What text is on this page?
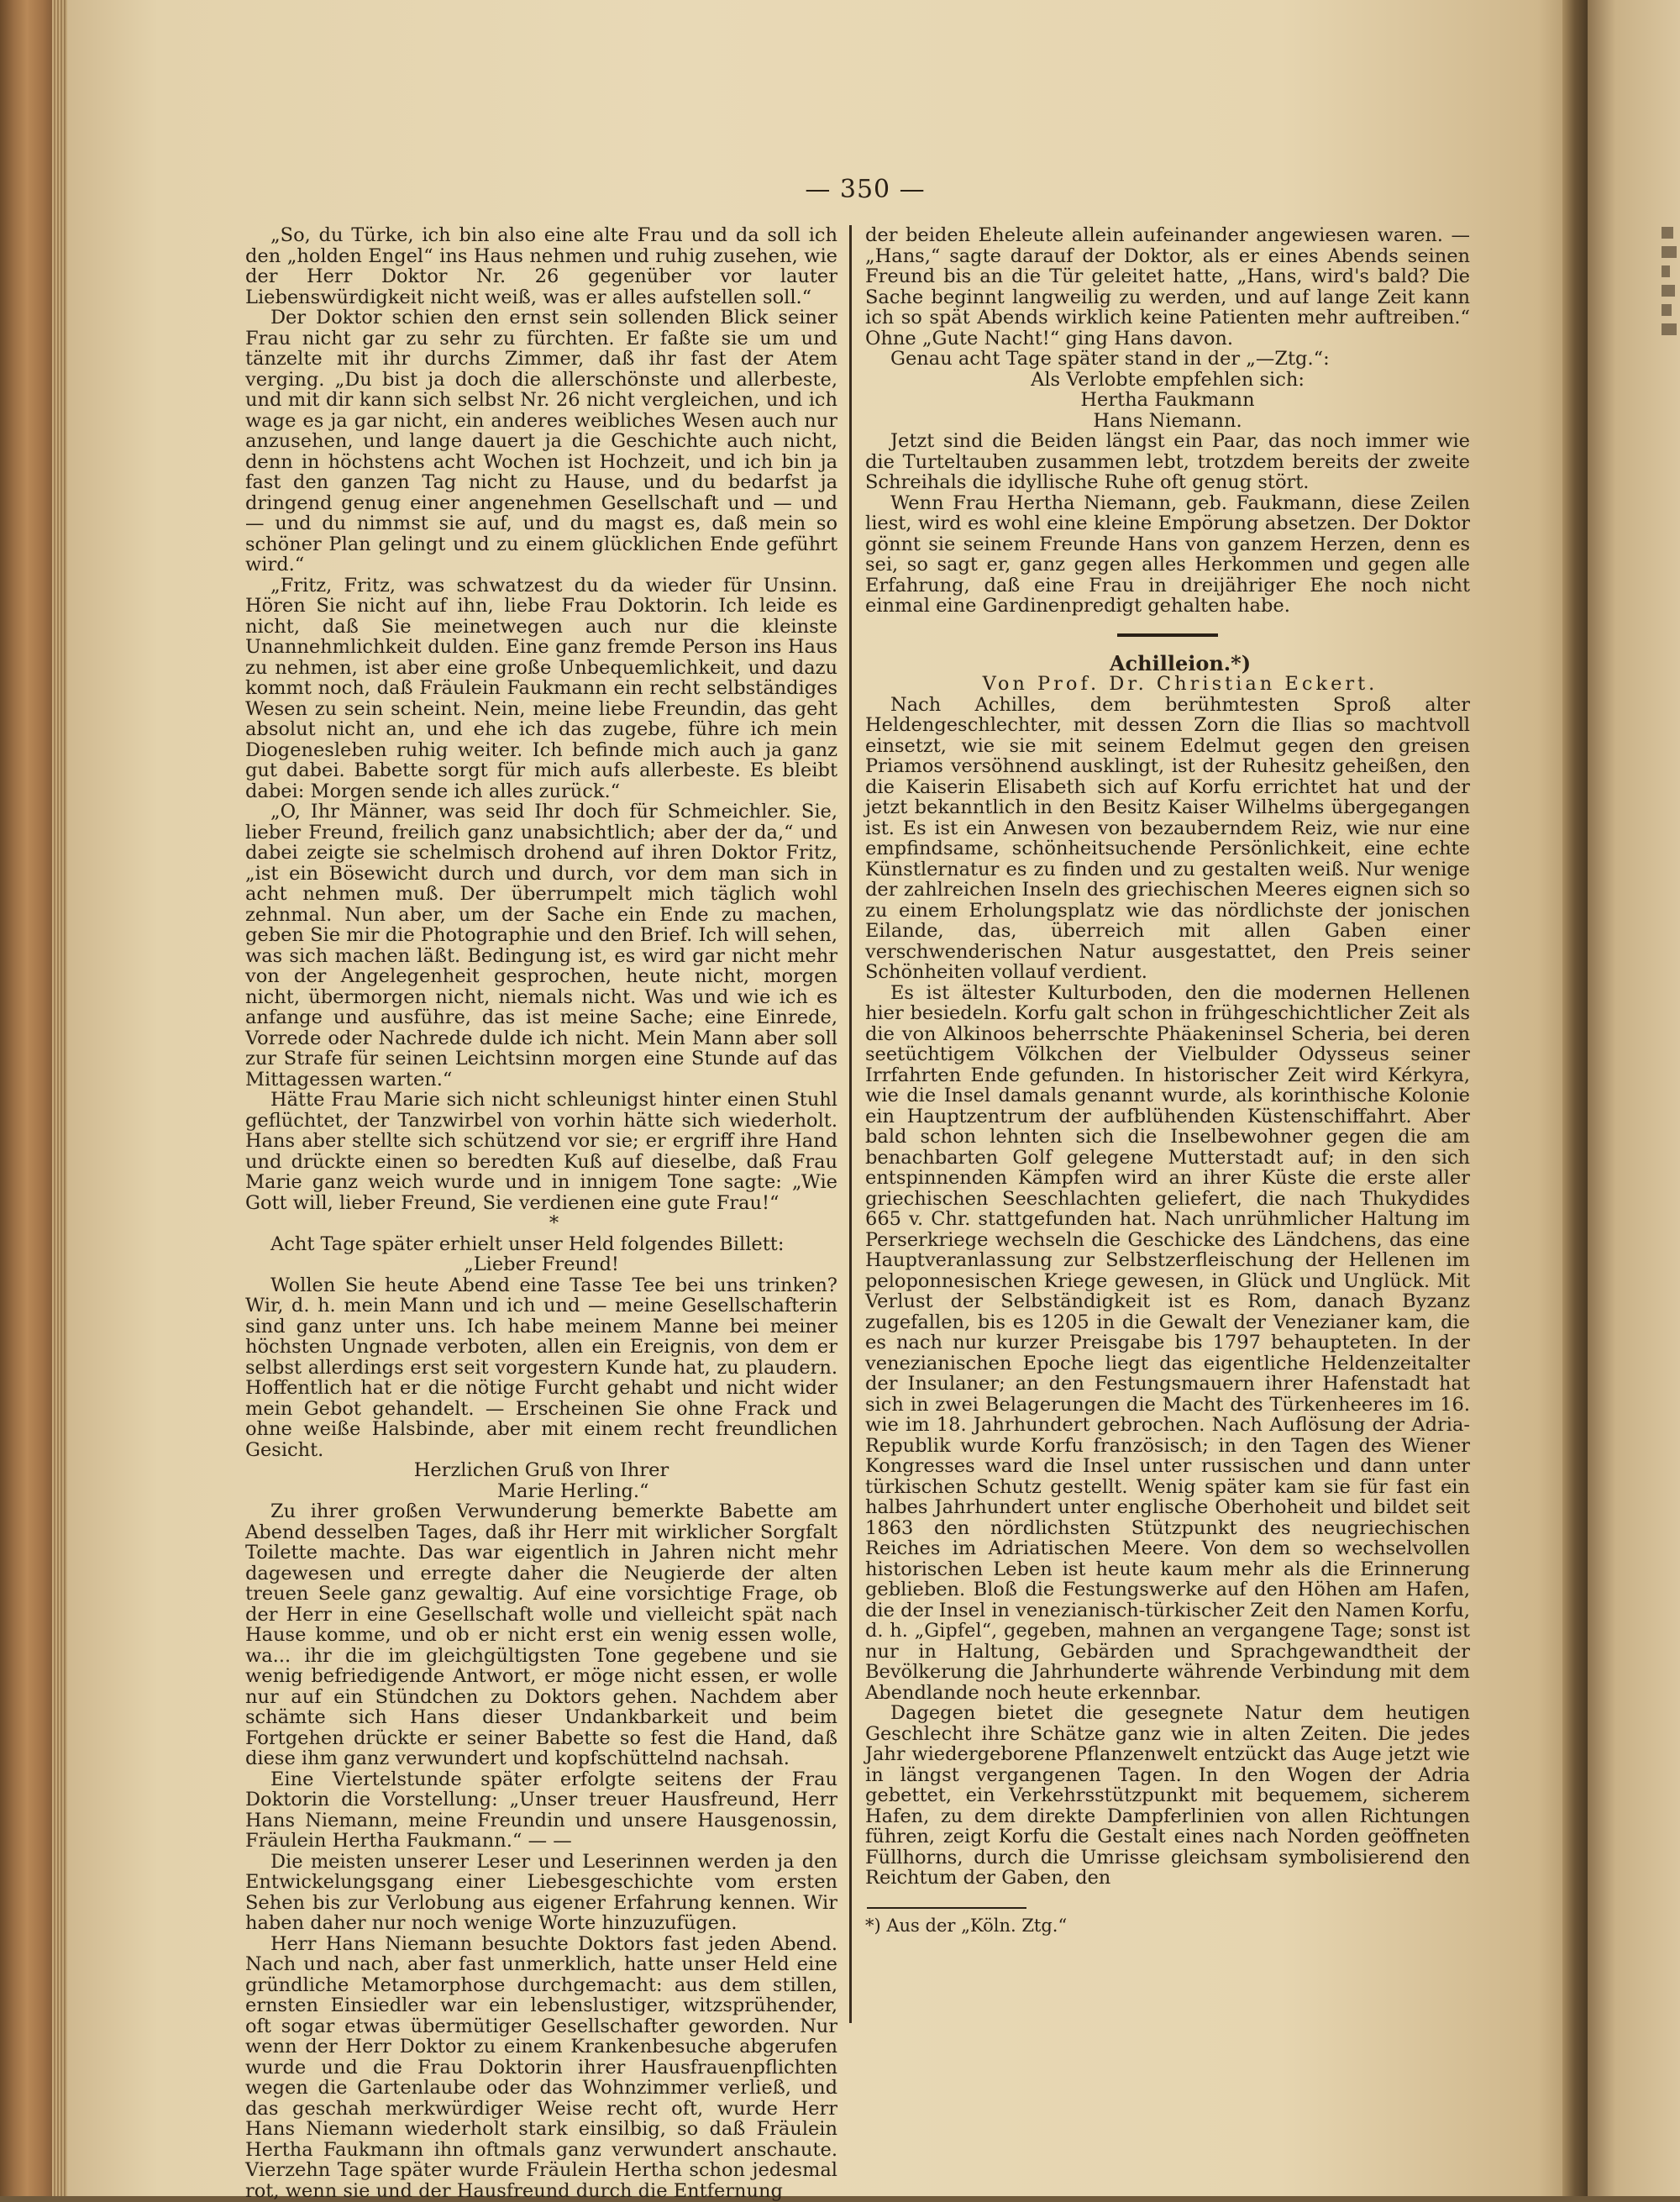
— 350 —

„So, du Türke, ich bin also eine alte Frau und da soll ich den „holden Engel“ ins Haus nehmen und ruhig zusehen, wie der Herr Doktor Nr. 26 gegenüber vor lauter Liebenswürdigkeit nicht weiß, was er alles aufstellen soll.“

Der Doktor schien den ernst sein sollenden Blick seiner Frau nicht gar zu sehr zu fürchten. Er faßte sie um und tänzelte mit ihr durchs Zimmer, daß ihr fast der Atem verging. „Du bist ja doch die allerschönste und allerbeste, und mit dir kann sich selbst Nr. 26 nicht vergleichen, und ich wage es ja gar nicht, ein anderes weibliches Wesen auch nur anzusehen, und lange dauert ja die Geschichte auch nicht, denn in höchstens acht Wochen ist Hochzeit, und ich bin ja fast den ganzen Tag nicht zu Hause, und du bedarfst ja dringend genug einer angenehmen Gesellschaft und — und — und du nimmst sie auf, und du magst es, daß mein so schöner Plan gelingt und zu einem glücklichen Ende geführt wird.“

„Fritz, Fritz, was schwatzest du da wieder für Unsinn. Hören Sie nicht auf ihn, liebe Frau Doktorin. Ich leide es nicht, daß Sie meinetwegen auch nur die kleinste Unannehmlichkeit dulden. Eine ganz fremde Person ins Haus zu nehmen, ist aber eine große Unbequemlichkeit, und dazu kommt noch, daß Fräulein Faukmann ein recht selbständiges Wesen zu sein scheint. Nein, meine liebe Freundin, das geht absolut nicht an, und ehe ich das zugebe, führe ich mein Diogenesleben ruhig weiter. Ich befinde mich auch ja ganz gut dabei. Babette sorgt für mich aufs allerbeste. Es bleibt dabei: Morgen sende ich alles zurück.“

„O, Ihr Männer, was seid Ihr doch für Schmeichler. Sie, lieber Freund, freilich ganz unabsichtlich; aber der da,“ und dabei zeigte sie schelmisch drohend auf ihren Doktor Fritz, „ist ein Bösewicht durch und durch, vor dem man sich in acht nehmen muß. Der überrumpelt mich täglich wohl zehnmal. Nun aber, um der Sache ein Ende zu machen, geben Sie mir die Photographie und den Brief. Ich will sehen, was sich machen läßt. Bedingung ist, es wird gar nicht mehr von der Angelegenheit gesprochen, heute nicht, morgen nicht, übermorgen nicht, niemals nicht. Was und wie ich es anfange und ausführe, das ist meine Sache; eine Einrede, Vorrede oder Nachrede dulde ich nicht. Mein Mann aber soll zur Strafe für seinen Leichtsinn morgen eine Stunde auf das Mittagessen warten.“

Hätte Frau Marie sich nicht schleunigst hinter einen Stuhl geflüchtet, der Tanzwirbel von vorhin hätte sich wiederholt. Hans aber stellte sich schützend vor sie; er ergriff ihre Hand und drückte einen so beredten Kuß auf dieselbe, daß Frau Marie ganz weich wurde und in innigem Tone sagte: „Wie Gott will, lieber Freund, Sie verdienen eine gute Frau!“

*

Acht Tage später erhielt unser Held folgendes Billett:

„Lieber Freund!

Wollen Sie heute Abend eine Tasse Tee bei uns trinken? Wir, d. h. mein Mann und ich und — meine Gesellschafterin sind ganz unter uns. Ich habe meinem Manne bei meiner höchsten Ungnade verboten, allen ein Ereignis, von dem er selbst allerdings erst seit vorgestern Kunde hat, zu plaudern. Hoffentlich hat er die nötige Furcht gehabt und nicht wider mein Gebot gehandelt. — Erscheinen Sie ohne Frack und ohne weiße Halsbinde, aber mit einem recht freundlichen Gesicht.

Herzlichen Gruß von Ihrer

Marie Herling.“

Zu ihrer großen Verwunderung bemerkte Babette am Abend desselben Tages, daß ihr Herr mit wirklicher Sorgfalt Toilette machte. Das war eigentlich in Jahren nicht mehr dagewesen und erregte daher die Neugierde der alten treuen Seele ganz gewaltig. Auf eine vorsichtige Frage, ob der Herr in eine Gesellschaft wolle und vielleicht spät nach Hause komme, und ob er nicht erst ein wenig essen wolle, wa... ihr die im gleichgültigsten Tone gegebene und sie wenig befriedigende Antwort, er möge nicht essen, er wolle nur auf ein Stündchen zu Doktors gehen. Nachdem aber schämte sich Hans dieser Undankbarkeit und beim Fortgehen drückte er seiner Babette so fest die Hand, daß diese ihm ganz verwundert und kopfschüttelnd nachsah.

Eine Viertelstunde später erfolgte seitens der Frau Doktorin die Vorstellung: „Unser treuer Hausfreund, Herr Hans Niemann, meine Freundin und unsere Hausgenossin, Fräulein Hertha Faukmann.“ — —

Die meisten unserer Leser und Leserinnen werden ja den Entwickelungsgang einer Liebesgeschichte vom ersten Sehen bis zur Verlobung aus eigener Erfahrung kennen. Wir haben daher nur noch wenige Worte hinzuzufügen.

Herr Hans Niemann besuchte Doktors fast jeden Abend. Nach und nach, aber fast unmerklich, hatte unser Held eine gründliche Metamorphose durchgemacht: aus dem stillen, ernsten Einsiedler war ein lebenslustiger, witzsprühender, oft sogar etwas übermütiger Gesellschafter geworden. Nur wenn der Herr Doktor zu einem Krankenbesuche abgerufen wurde und die Frau Doktorin ihrer Hausfrauenpflichten wegen die Gartenlaube oder das Wohnzimmer verließ, und das geschah merkwürdiger Weise recht oft, wurde Herr Hans Niemann wiederholt stark einsilbig, so daß Fräulein Hertha Faukmann ihn oftmals ganz verwundert anschaute. Vierzehn Tage später wurde Fräulein Hertha schon jedesmal rot, wenn sie und der Hausfreund durch die Entfernung

der beiden Eheleute allein aufeinander angewiesen waren. — „Hans,“ sagte darauf der Doktor, als er eines Abends seinen Freund bis an die Tür geleitet hatte, „Hans, wird's bald? Die Sache beginnt langweilig zu werden, und auf lange Zeit kann ich so spät Abends wirklich keine Patienten mehr auftreiben.“ Ohne „Gute Nacht!“ ging Hans davon.

Genau acht Tage später stand in der „—Ztg.“:

Als Verlobte empfehlen sich:

Hertha Faukmann

Hans Niemann.

Jetzt sind die Beiden längst ein Paar, das noch immer wie die Turteltauben zusammen lebt, trotzdem bereits der zweite Schreihals die idyllische Ruhe oft genug stört.

Wenn Frau Hertha Niemann, geb. Faukmann, diese Zeilen liest, wird es wohl eine kleine Empörung absetzen. Der Doktor gönnt sie seinem Freunde Hans von ganzem Herzen, denn es sei, so sagt er, ganz gegen alles Herkommen und gegen alle Erfahrung, daß eine Frau in dreijähriger Ehe noch nicht einmal eine Gardinenpredigt gehalten habe.

Achilleion.*)

Von Prof. Dr. Christian Eckert.

Nach Achilles, dem berühmtesten Sproß alter Heldengeschlechter, mit dessen Zorn die Ilias so machtvoll einsetzt, wie sie mit seinem Edelmut gegen den greisen Priamos versöhnend ausklingt, ist der Ruhesitz geheißen, den die Kaiserin Elisabeth sich auf Korfu errichtet hat und der jetzt bekanntlich in den Besitz Kaiser Wilhelms übergegangen ist. Es ist ein Anwesen von bezauberndem Reiz, wie nur eine empfindsame, schönheitsuchende Persönlichkeit, eine echte Künstlernatur es zu finden und zu gestalten weiß. Nur wenige der zahlreichen Inseln des griechischen Meeres eignen sich so zu einem Erholungsplatz wie das nördlichste der jonischen Eilande, das, überreich mit allen Gaben einer verschwenderischen Natur ausgestattet, den Preis seiner Schönheiten vollauf verdient.

Es ist ältester Kulturboden, den die modernen Hellenen hier besiedeln. Korfu galt schon in frühgeschichtlicher Zeit als die von Alkinoos beherrschte Phäakeninsel Scheria, bei deren seetüchtigem Völkchen der Vielbulder Odysseus seiner Irrfahrten Ende gefunden. In historischer Zeit wird Kérkyra, wie die Insel damals genannt wurde, als korinthische Kolonie ein Hauptzentrum der aufblühenden Küstenschiffahrt. Aber bald schon lehnten sich die Inselbewohner gegen die am benachbarten Golf gelegene Mutterstadt auf; in den sich entspinnenden Kämpfen wird an ihrer Küste die erste aller griechischen Seeschlachten geliefert, die nach Thukydides 665 v. Chr. stattgefunden hat. Nach unrühmlicher Haltung im Perserkriege wechseln die Geschicke des Ländchens, das eine Hauptveranlassung zur Selbstzerfleischung der Hellenen im peloponnesischen Kriege gewesen, in Glück und Unglück. Mit Verlust der Selbständigkeit ist es Rom, danach Byzanz zugefallen, bis es 1205 in die Gewalt der Venezianer kam, die es nach nur kurzer Preisgabe bis 1797 behaupteten. In der venezianischen Epoche liegt das eigentliche Heldenzeitalter der Insulaner; an den Festungsmauern ihrer Hafenstadt hat sich in zwei Belagerungen die Macht des Türkenheeres im 16. wie im 18. Jahrhundert gebrochen. Nach Auflösung der Adria-Republik wurde Korfu französisch; in den Tagen des Wiener Kongresses ward die Insel unter russischen und dann unter türkischen Schutz gestellt. Wenig später kam sie für fast ein halbes Jahrhundert unter englische Oberhoheit und bildet seit 1863 den nördlichsten Stützpunkt des neugriechischen Reiches im Adriatischen Meere. Von dem so wechselvollen historischen Leben ist heute kaum mehr als die Erinnerung geblieben. Bloß die Festungswerke auf den Höhen am Hafen, die der Insel in venezianisch-türkischer Zeit den Namen Korfu, d. h. „Gipfel“, gegeben, mahnen an vergangene Tage; sonst ist nur in Haltung, Gebärden und Sprachgewandtheit der Bevölkerung die Jahrhunderte währende Verbindung mit dem Abendlande noch heute erkennbar.

Dagegen bietet die gesegnete Natur dem heutigen Geschlecht ihre Schätze ganz wie in alten Zeiten. Die jedes Jahr wiedergeborene Pflanzenwelt entzückt das Auge jetzt wie in längst vergangenen Tagen. In den Wogen der Adria gebettet, ein Verkehrsstützpunkt mit bequemem, sicherem Hafen, zu dem direkte Dampferlinien von allen Richtungen führen, zeigt Korfu die Gestalt eines nach Norden geöffneten Füllhorns, durch die Umrisse gleichsam symbolisierend den Reichtum der Gaben, den

*) Aus der „Köln. Ztg.“
